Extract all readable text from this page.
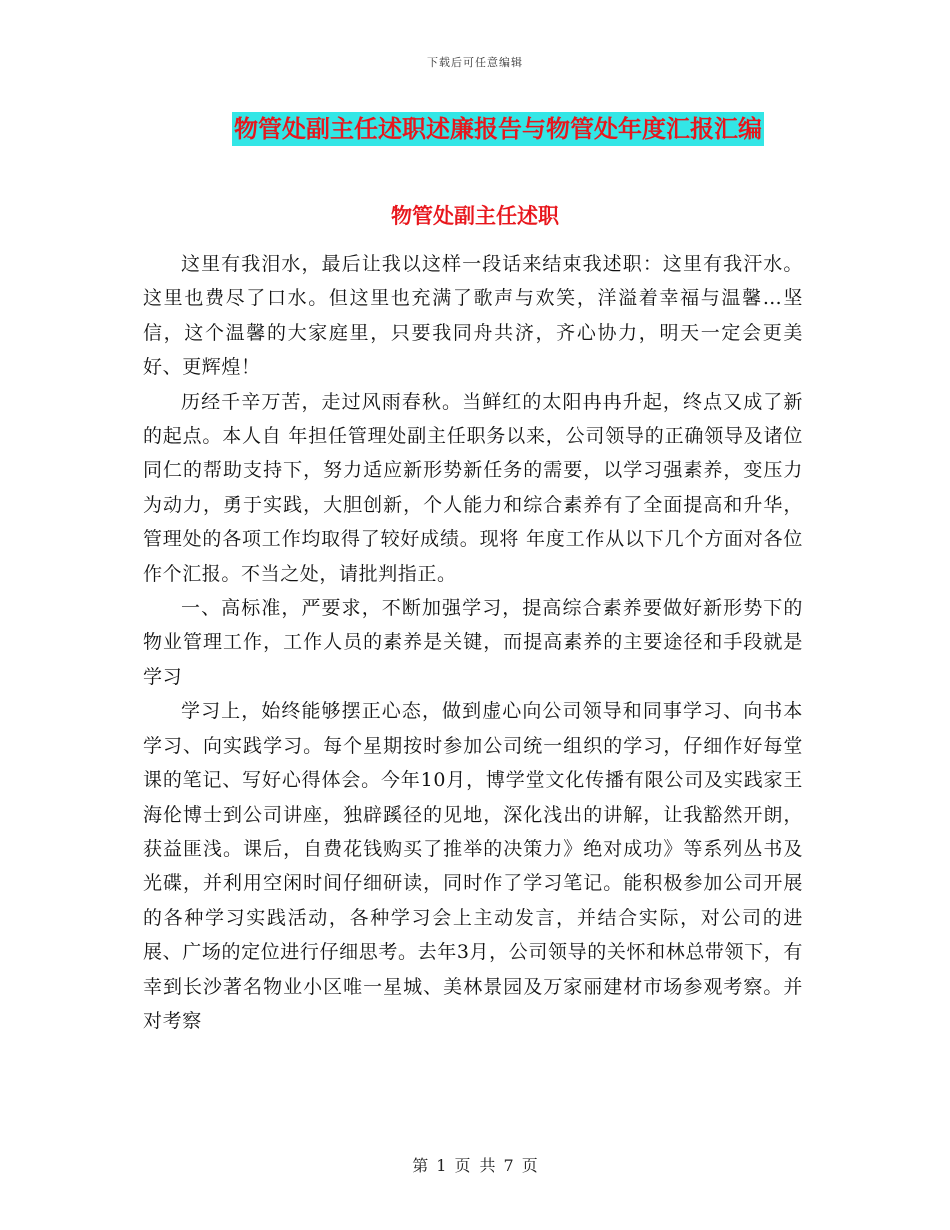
下载后可任意编辑
物管处副主任述职述廉报告与物管处年度汇报汇编
物管处副主任述职

这里有我泪水，最后让我以这样一段话来结束我述职：这里有我汗水。这里也费尽了口水。但这里也充满了歌声与欢笑，洋溢着幸福与温馨…坚信，这个温馨的大家庭里，只要我同舟共济，齐心协力，明天一定会更美好、更辉煌！

历经千辛万苦，走过风雨春秋。当鲜红的太阳冉冉升起，终点又成了新的起点。本人自 年担任管理处副主任职务以来，公司领导的正确领导及诸位同仁的帮助支持下，努力适应新形势新任务的需要，以学习强素养，变压力为动力，勇于实践，大胆创新，个人能力和综合素养有了全面提高和升华，管理处的各项工作均取得了较好成绩。现将 年度工作从以下几个方面对各位作个汇报。不当之处，请批判指正。

一、高标准，严要求，不断加强学习，提高综合素养要做好新形势下的物业管理工作，工作人员的素养是关键，而提高素养的主要途径和手段就是学习

学习上，始终能够摆正心态，做到虚心向公司领导和同事学习、向书本学习、向实践学习。每个星期按时参加公司统一组织的学习，仔细作好每堂课的笔记、写好心得体会。今年10月，博学堂文化传播有限公司及实践家王海伦博士到公司讲座，独辟蹊径的见地，深化浅出的讲解，让我豁然开朗，获益匪浅。课后，自费花钱购买了推举的决策力》绝对成功》等系列丛书及光碟，并利用空闲时间仔细研读，同时作了学习笔记。能积极参加公司开展的各种学习实践活动，各种学习会上主动发言，并结合实际，对公司的进展、广场的定位进行仔细思考。去年3月，公司领导的关怀和林总带领下，有幸到长沙著名物业小区唯一星城、美林景园及万家丽建材市场参观考察。并对考察

第 1 页 共 7 页
